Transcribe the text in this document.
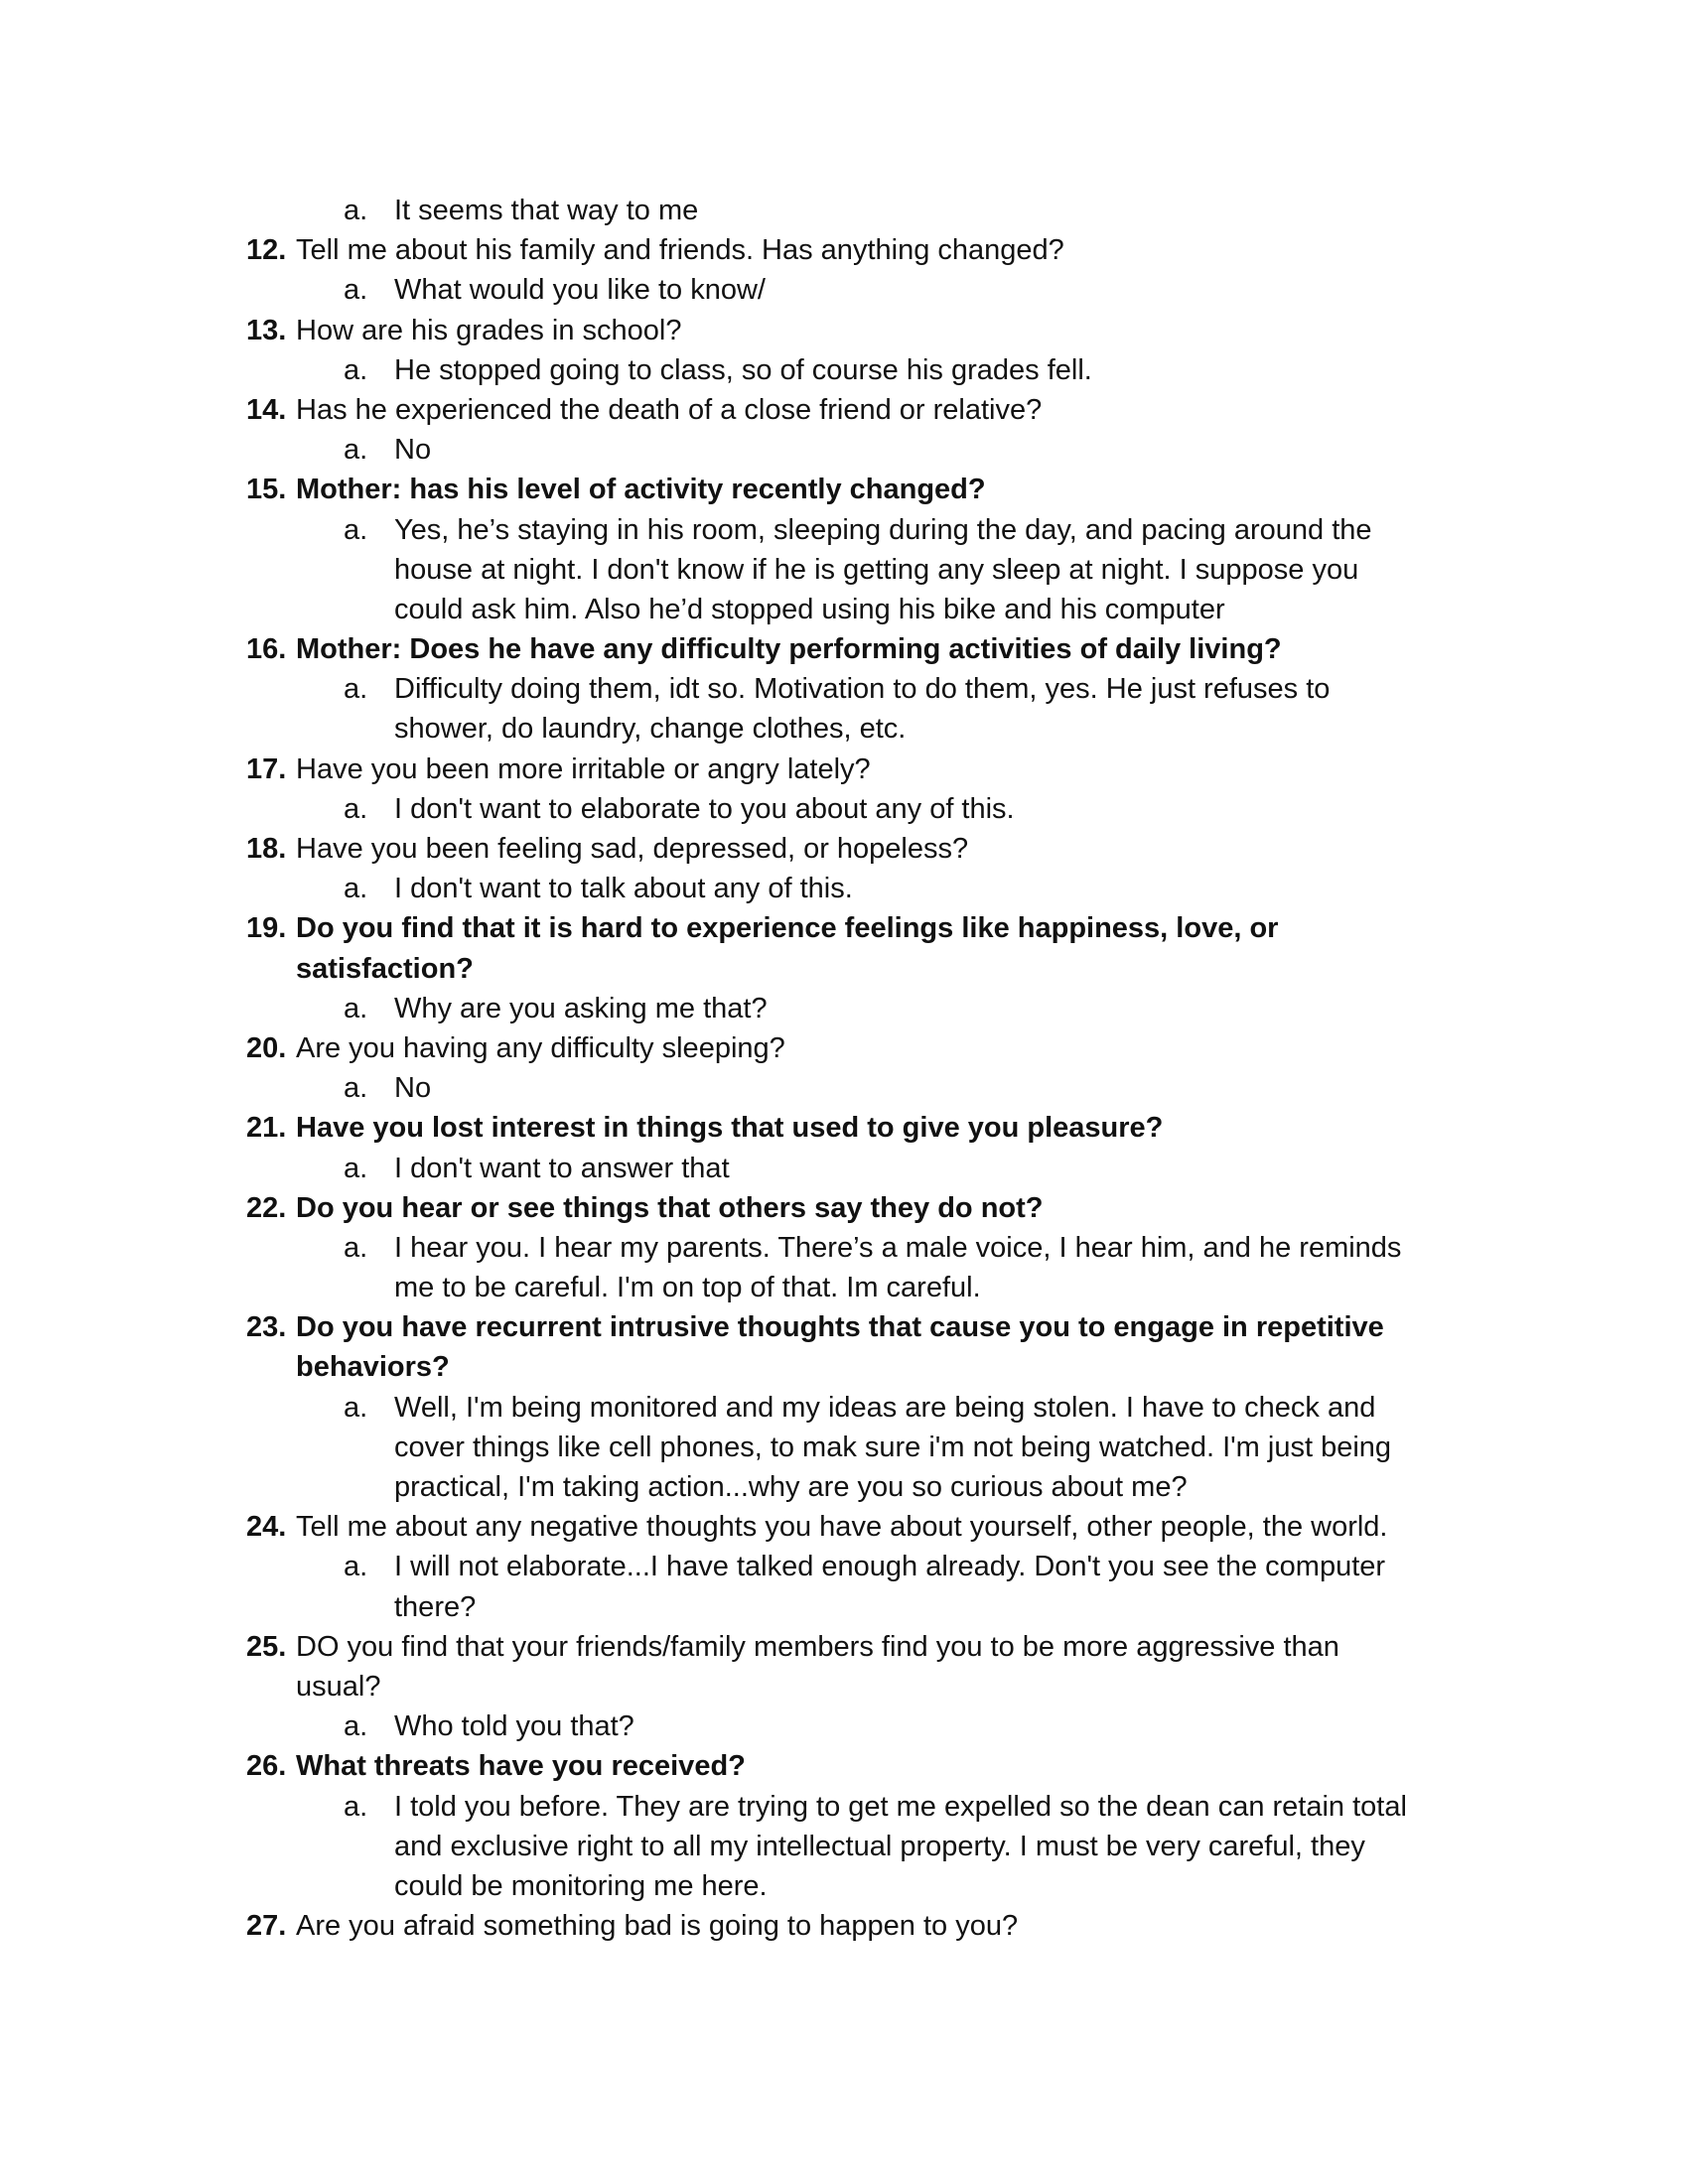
a. It seems that way to me
12. Tell me about his family and friends. Has anything changed?
a. What would you like to know/
13. How are his grades in school?
a. He stopped going to class, so of course his grades fell.
14. Has he experienced the death of a close friend or relative?
a. No
15. Mother: has his level of activity recently changed?
a. Yes, he’s staying in his room, sleeping during the day, and pacing around the
house at night. I don't know if he is getting any sleep at night. I suppose you
could ask him. Also he’d stopped using his bike and his computer
16. Mother: Does he have any difficulty performing activities of daily living?
a. Difficulty doing them, idt so. Motivation to do them, yes. He just refuses to
shower, do laundry, change clothes, etc.
17. Have you been more irritable or angry lately?
a. I don't want to elaborate to you about any of this.
18. Have you been feeling sad, depressed, or hopeless?
a. I don't want to talk about any of this.
19. Do you find that it is hard to experience feelings like happiness, love, or
satisfaction?
a. Why are you asking me that?
20. Are you having any difficulty sleeping?
a. No
21. Have you lost interest in things that used to give you pleasure?
a. I don't want to answer that
22. Do you hear or see things that others say they do not?
a. I hear you. I hear my parents. There’s a male voice, I hear him, and he reminds
me to be careful. I'm on top of that. Im careful.
23. Do you have recurrent intrusive thoughts that cause you to engage in repetitive
behaviors?
a. Well, I'm being monitored and my ideas are being stolen. I have to check and
cover things like cell phones, to mak sure i'm not being watched. I'm just being
practical, I'm taking action...why are you so curious about me?
24. Tell me about any negative thoughts you have about yourself, other people, the world.
a. I will not elaborate...I have talked enough already. Don't you see the computer
there?
25. DO you find that your friends/family members find you to be more aggressive than
usual?
a. Who told you that?
26. What threats have you received?
a. I told you before. They are trying to get me expelled so the dean can retain total
and exclusive right to all my intellectual property. I must be very careful, they
could be monitoring me here.
27. Are you afraid something bad is going to happen to you?
